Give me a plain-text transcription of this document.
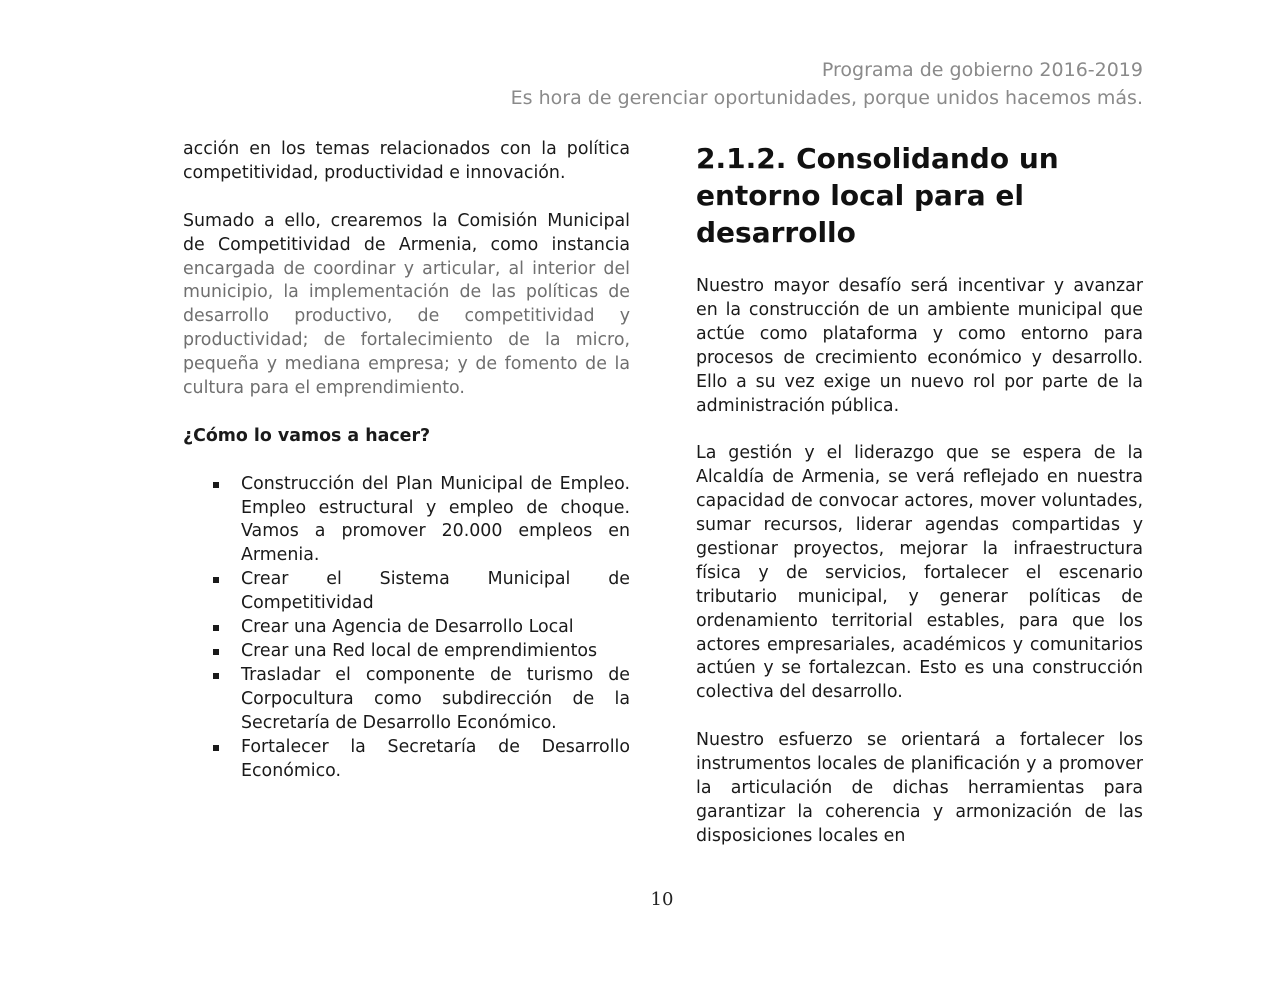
Programa de gobierno 2016-2019
Es hora de gerenciar oportunidades, porque unidos hacemos más.

acción en los temas relacionados con la política competitividad, productividad e innovación.

Sumado a ello, crearemos la Comisión Municipal de Competitividad de Armenia, como instancia encargada de coordinar y articular, al interior del municipio, la implementación de las políticas de desarrollo productivo, de competitividad y productividad; de fortalecimiento de la micro, pequeña y mediana empresa; y de fomento de la cultura para el emprendimiento.

¿Cómo lo vamos a hacer?
Construcción del Plan Municipal de Empleo. Empleo estructural y empleo de choque. Vamos a promover 20.000 empleos en Armenia.
Crear el Sistema Municipal de Competitividad
Crear una Agencia de Desarrollo Local
Crear una Red local de emprendimientos
Trasladar el componente de turismo de Corpocultura como subdirección de la Secretaría de Desarrollo Económico.
Fortalecer la Secretaría de Desarrollo Económico.
2.1.2. Consolidando un entorno local para el desarrollo

Nuestro mayor desafío será incentivar y avanzar en la construcción de un ambiente municipal que actúe como plataforma y como entorno para procesos de crecimiento económico y desarrollo. Ello a su vez exige un nuevo rol por parte de la administración pública.

La gestión y el liderazgo que se espera de la Alcaldía de Armenia, se verá reflejado en nuestra capacidad de convocar actores, mover voluntades, sumar recursos, liderar agendas compartidas y gestionar proyectos, mejorar la infraestructura física y de servicios, fortalecer el escenario tributario municipal, y generar políticas de ordenamiento territorial estables, para que los actores empresariales, académicos y comunitarios actúen y se fortalezcan. Esto es una construcción colectiva del desarrollo.

Nuestro esfuerzo se orientará a fortalecer los instrumentos locales de planificación y a promover la articulación de dichas herramientas para garantizar la coherencia y armonización de las disposiciones locales en

10
